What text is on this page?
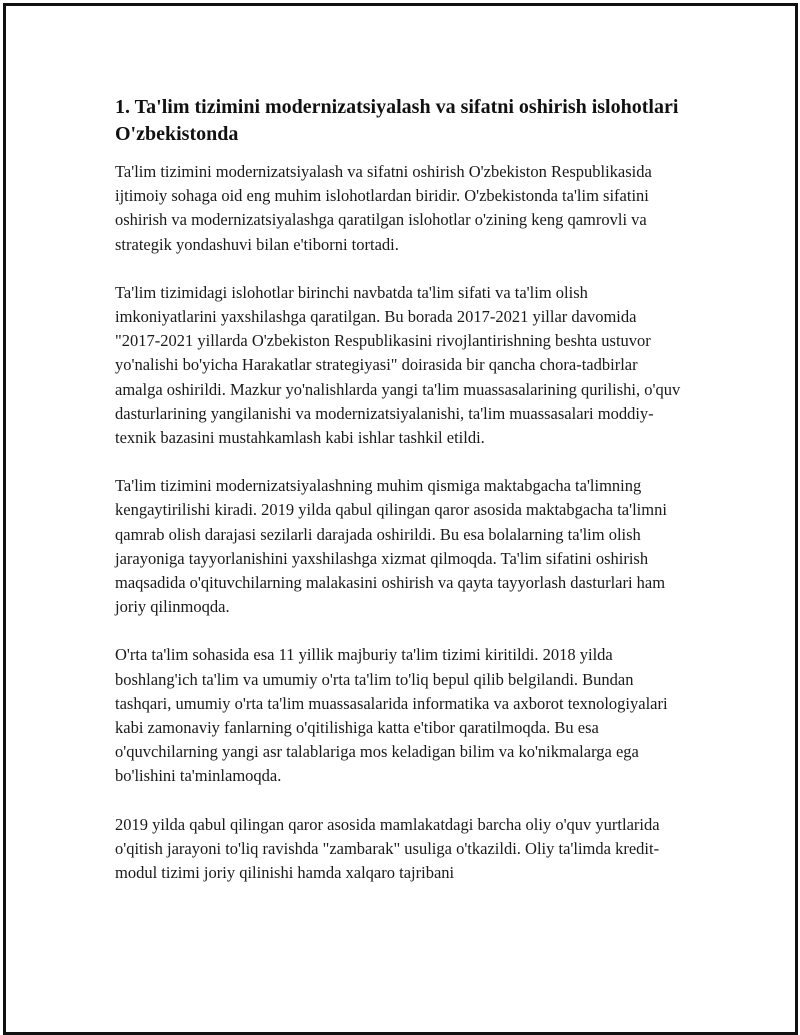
1. Ta'lim tizimini modernizatsiyalash va sifatni oshirish islohotlari O'zbekistonda

Ta'lim tizimini modernizatsiyalash va sifatni oshirish O'zbekiston Respublikasida ijtimoiy sohaga oid eng muhim islohotlardan biridir. O'zbekistonda ta'lim sifatini oshirish va modernizatsiyalashga qaratilgan islohotlar o'zining keng qamrovli va strategik yondashuvi bilan e'tiborni tortadi.

Ta'lim tizimidagi islohotlar birinchi navbatda ta'lim sifati va ta'lim olish imkoniyatlarini yaxshilashga qaratilgan. Bu borada 2017-2021 yillar davomida "2017-2021 yillarda O'zbekiston Respublikasini rivojlantirishning beshta ustuvor yo'nalishi bo'yicha Harakatlar strategiyasi" doirasida bir qancha chora-tadbirlar amalga oshirildi. Mazkur yo'nalishlarda yangi ta'lim muassasalarining qurilishi, o'quv dasturlarining yangilanishi va modernizatsiyalanishi, ta'lim muassasalari moddiy-texnik bazasini mustahkamlash kabi ishlar tashkil etildi.

Ta'lim tizimini modernizatsiyalashning muhim qismiga maktabgacha ta'limning kengaytirilishi kiradi. 2019 yilda qabul qilingan qaror asosida maktabgacha ta'limni qamrab olish darajasi sezilarli darajada oshirildi. Bu esa bolalarning ta'lim olish jarayoniga tayyorlanishini yaxshilashga xizmat qilmoqda. Ta'lim sifatini oshirish maqsadida o'qituvchilarning malakasini oshirish va qayta tayyorlash dasturlari ham joriy qilinmoqda.

O'rta ta'lim sohasida esa 11 yillik majburiy ta'lim tizimi kiritildi. 2018 yilda boshlang'ich ta'lim va umumiy o'rta ta'lim to'liq bepul qilib belgilandi. Bundan tashqari, umumiy o'rta ta'lim muassasalarida informatika va axborot texnologiyalari kabi zamonaviy fanlarning o'qitilishiga katta e'tibor qaratilmoqda. Bu esa o'quvchilarning yangi asr talablariga mos keladigan bilim va ko'nikmalarga ega bo'lishini ta'minlamoqda.

2019 yilda qabul qilingan qaror asosida mamlakatdagi barcha oliy o'quv yurtlarida o'qitish jarayoni to'liq ravishda "zambarak" usuliga o'tkazildi. Oliy ta'limda kredit-modul tizimi joriy qilinishi hamda xalqaro tajribani
